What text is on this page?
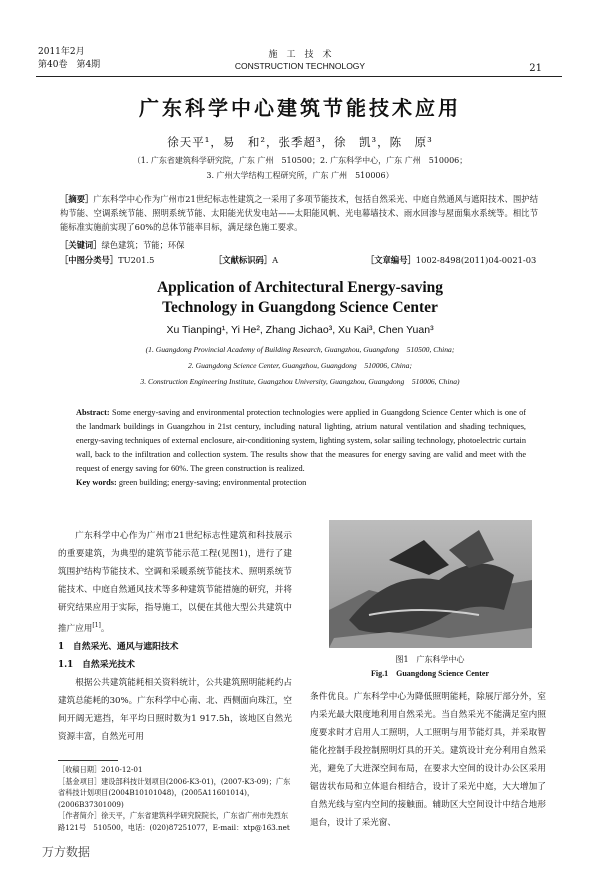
2011年2月
第40卷　第4期
施　工　技　术
CONSTRUCTION TECHNOLOGY	21
广东科学中心建筑节能技术应用
徐天平¹，易　和²，张季超³，徐　凯³，陈　原³
（1. 广东省建筑科学研究院，广东 广州　510500；2. 广东科学中心，广东 广州　510006；
3. 广州大学结构工程研究所，广东 广州　510006）
［摘要］广东科学中心作为广州市21世纪标志性建筑之一采用了多项节能技术，包括自然采光、中庭自然通风与遮阳技术、围护结构节能、空调系统节能、照明系统节能、太阳能光伏发电站——太阳能风帆、光电幕墙技术、雨水回渗与屋面集水系统等。相比节能标准实施前实现了60%的总体节能率目标，满足绿色施工要求。
［关键词］绿色建筑；节能；环保
［中图分类号］TU201.5	［文献标识码］A	［文章编号］1002-8498(2011)04-0021-03
Application of Architectural Energy-saving
Technology in Guangdong Science Center
Xu Tianping¹, Yi He², Zhang Jichao³, Xu Kai³, Chen Yuan³
(1. Guangdong Provincial Academy of Building Research, Guangzhou, Guangdong　510500, China;
2. Guangdong Science Center, Guangzhou, Guangdong　510006, China;
3. Construction Engineering Institute, Guangzhou University, Guangzhou, Guangdong　510006, China)
Abstract: Some energy-saving and environmental protection technologies were applied in Guangdong Science Center which is one of the landmark buildings in Guangzhou in 21st century, including natural lighting, atrium natural ventilation and shading techniques, energy-saving techniques of external enclosure, air-conditioning system, lighting system, solar sailing technology, photoelectric curtain wall, back to the infiltration and collection system. The results show that the measures for energy saving are valid and meet with the request of energy saving for 60%. The green construction is realized.
Key words: green building; energy-saving; environmental protection

广东科学中心作为广州市21世纪标志性建筑和科技展示的重要建筑，为典型的建筑节能示范工程(见图1)，进行了建筑围护结构节能技术、空调和采暖系统节能技术、照明系统节能技术、中庭自然通风技术等多种建筑节能措施的研究，并将研究结果应用于实际，指导施工，以便在其他大型公共建筑中推广应用[1]。

1　自然采光、通风与遮阳技术
1.1　自然采光技术

根据公共建筑能耗相关资料统计，公共建筑照明能耗约占建筑总能耗的30%。广东科学中心南、北、西侧面向珠江，空间开阔无遮挡，年平均日照时数为1 917.5h，该地区自然光资源丰富，自然光可用

［收稿日期］2010-12-01
［基金项目］建设部科技计划项目(2006-K3-01)，(2007-K3-09)；广东省科技计划项目(2004B10101048)，(2005A11601014)，(2006B37301009)
［作者简介］徐天平，广东省建筑科学研究院院长，广东省广州市先烈东路121号　510500，电话：(020)87251077，E-mail：xtp@163.net
图1　广东科学中心
Fig.1　Guangdong Science Center
条件优良。广东科学中心为降低照明能耗，除展厅部分外，室内采光最大限度地利用自然采光。当自然采光不能满足室内照度要求时才启用人工照明，人工照明与用节能灯具，并采取智能化控制手段控制照明灯具的开关。建筑设计充分利用自然采光，避免了大进深空间布局，在要求大空间的设计办公区采用锯齿状布局和立体退台相结合，设计了采光中庭，大大增加了自然光线与室内空间的接触面。辅助区大空间设计中结合地形退台，设计了采光窗、
万方数据
